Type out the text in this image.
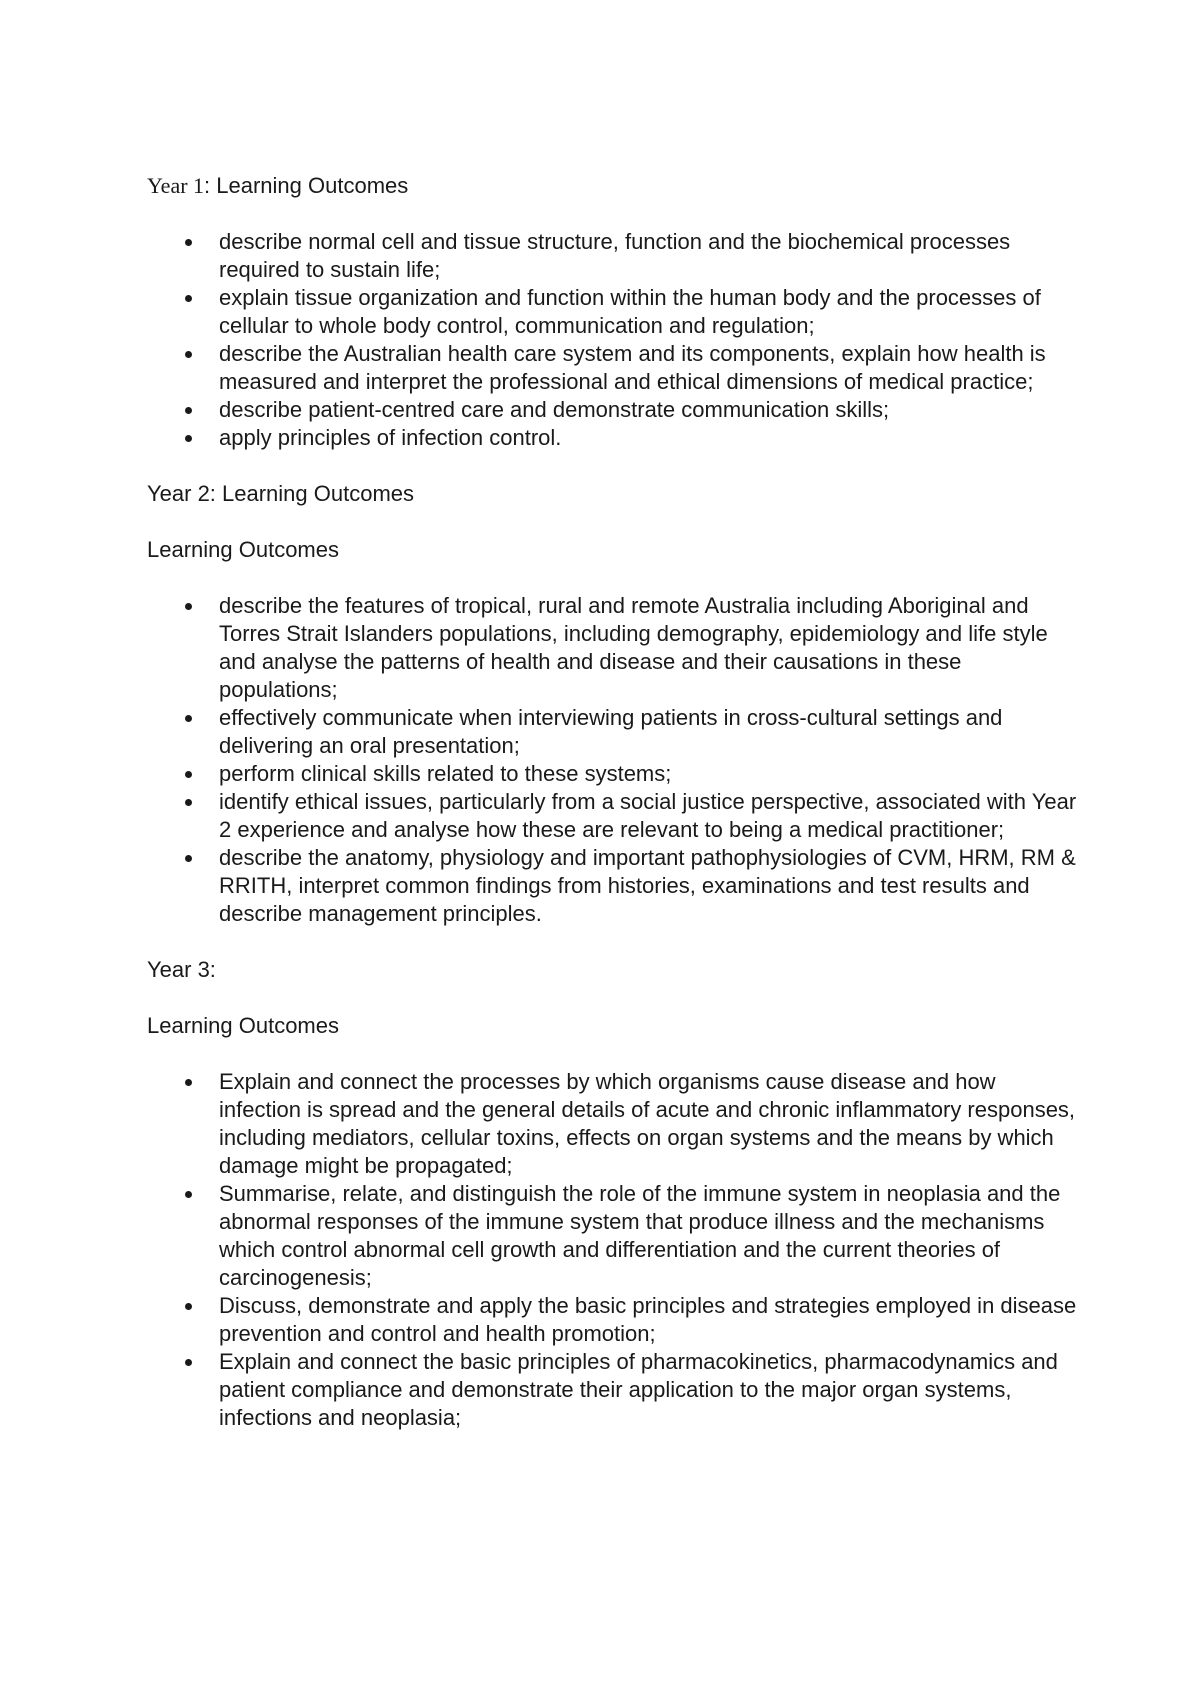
Year 1: Learning Outcomes

describe normal cell and tissue structure, function and the biochemical processes required to sustain life;
explain tissue organization and function within the human body and the processes of cellular to whole body control, communication and regulation;
describe the Australian health care system and its components, explain how health is measured and interpret the professional and ethical dimensions of medical practice;
describe patient-centred care and demonstrate communication skills;
apply principles of infection control.

Year 2: Learning Outcomes

Learning Outcomes

describe the features of tropical, rural and remote Australia including Aboriginal and Torres Strait Islanders populations, including demography, epidemiology and life style and analyse the patterns of health and disease and their causations in these populations;
effectively communicate when interviewing patients in cross-cultural settings and delivering an oral presentation;
perform clinical skills related to these systems;
identify ethical issues, particularly from a social justice perspective, associated with Year 2 experience and analyse how these are relevant to being a medical practitioner;
describe the anatomy, physiology and important pathophysiologies of CVM, HRM, RM & RRITH, interpret common findings from histories, examinations and test results and describe management principles.

Year 3:

Learning Outcomes

Explain and connect the processes by which organisms cause disease and how infection is spread and the general details of acute and chronic inflammatory responses, including mediators, cellular toxins, effects on organ systems and the means by which damage might be propagated;
Summarise, relate, and distinguish the role of the immune system in neoplasia and the abnormal responses of the immune system that produce illness and the mechanisms which control abnormal cell growth and differentiation and the current theories of carcinogenesis;
Discuss, demonstrate and apply the basic principles and strategies employed in disease prevention and control and health promotion;
Explain and connect the basic principles of pharmacokinetics, pharmacodynamics and patient compliance and demonstrate their application to the major organ systems, infections and neoplasia;
